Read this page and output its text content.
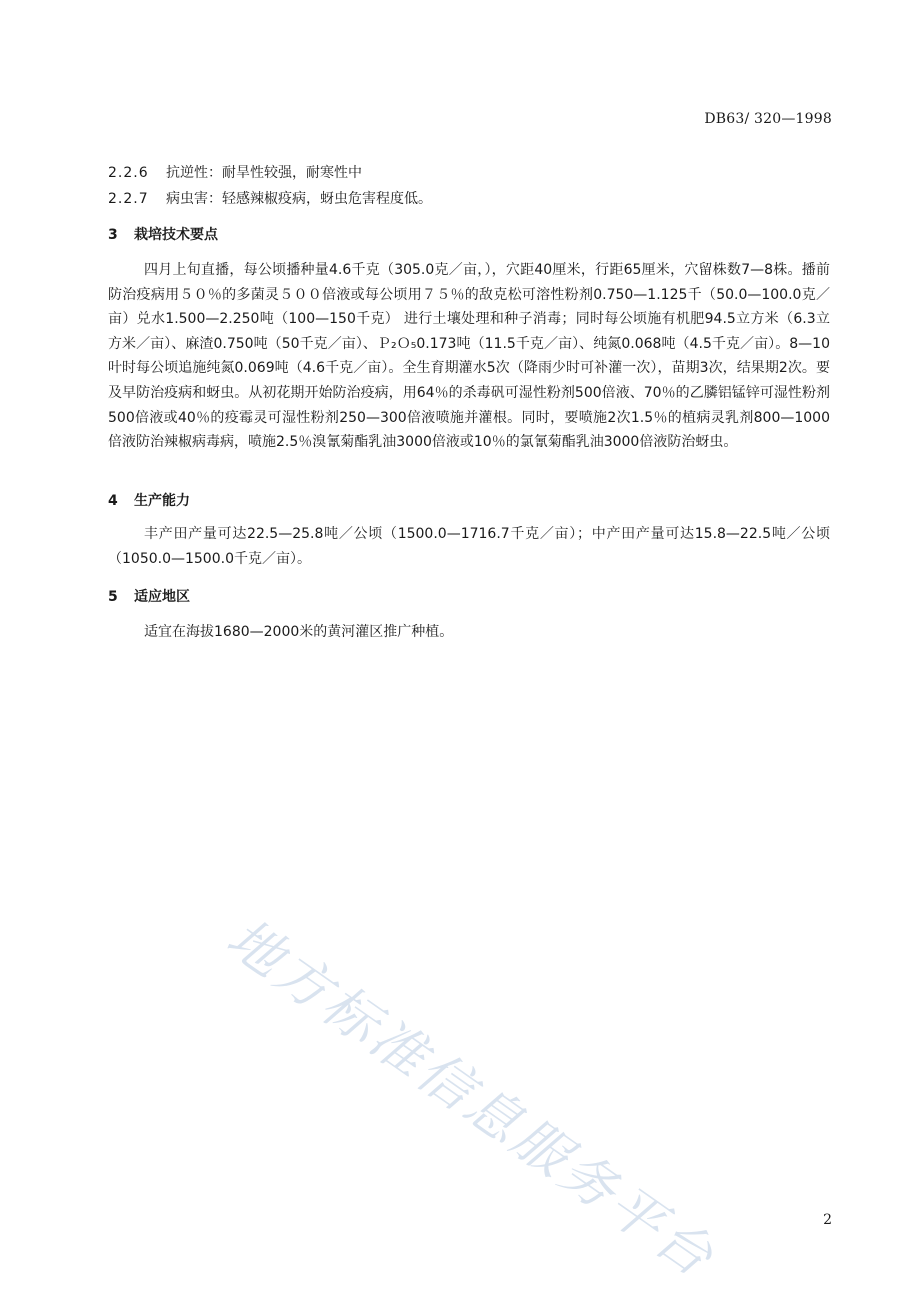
DB63/ 320—1998
2.2.6 抗逆性：耐旱性较强，耐寒性中
2.2.7 病虫害：轻感辣椒疫病，蚜虫危害程度低。
3 栽培技术要点

四月上旬直播，每公顷播种量4.6千克（305.0克／亩，），穴距40厘米，行距65厘米，穴留株数7—8株。播前防治疫病用５０％的多菌灵５００倍液或每公顷用７５％的敌克松可溶性粉剂0.750—1.125千（50.0—100.0克／亩）兑水1.500—2.250吨（100—150千克） 进行土壤处理和种子消毒；同时每公顷施有机肥94.5立方米（6.3立方米／亩）、麻渣0.750吨（50千克／亩）、Ｐ₂Ｏ₅0.173吨（11.5千克／亩）、纯氮0.068吨（4.5千克／亩）。8—10叶时每公顷追施纯氮0.069吨（4.6千克／亩）。全生育期灌水5次（降雨少时可补灌一次），苗期3次，结果期2次。要及早防治疫病和蚜虫。从初花期开始防治疫病，用64％的杀毒矾可湿性粉剂500倍液、70％的乙膦铝锰锌可湿性粉剂500倍液或40％的疫霉灵可湿性粉剂250—300倍液喷施并灌根。同时，要喷施2次1.5％的植病灵乳剂800—1000倍液防治辣椒病毒病，喷施2.5％溴氰菊酯乳油3000倍液或10％的氯氰菊酯乳油3000倍液防治蚜虫。

4 生产能力

丰产田产量可达22.5—25.8吨／公顷（1500.0—1716.7千克／亩）；中产田产量可达15.8—22.5吨／公顷（1050.0—1500.0千克／亩）。

5 适应地区

适宜在海拔1680—2000米的黄河灌区推广种植。

地方标准信息服务平台	2
